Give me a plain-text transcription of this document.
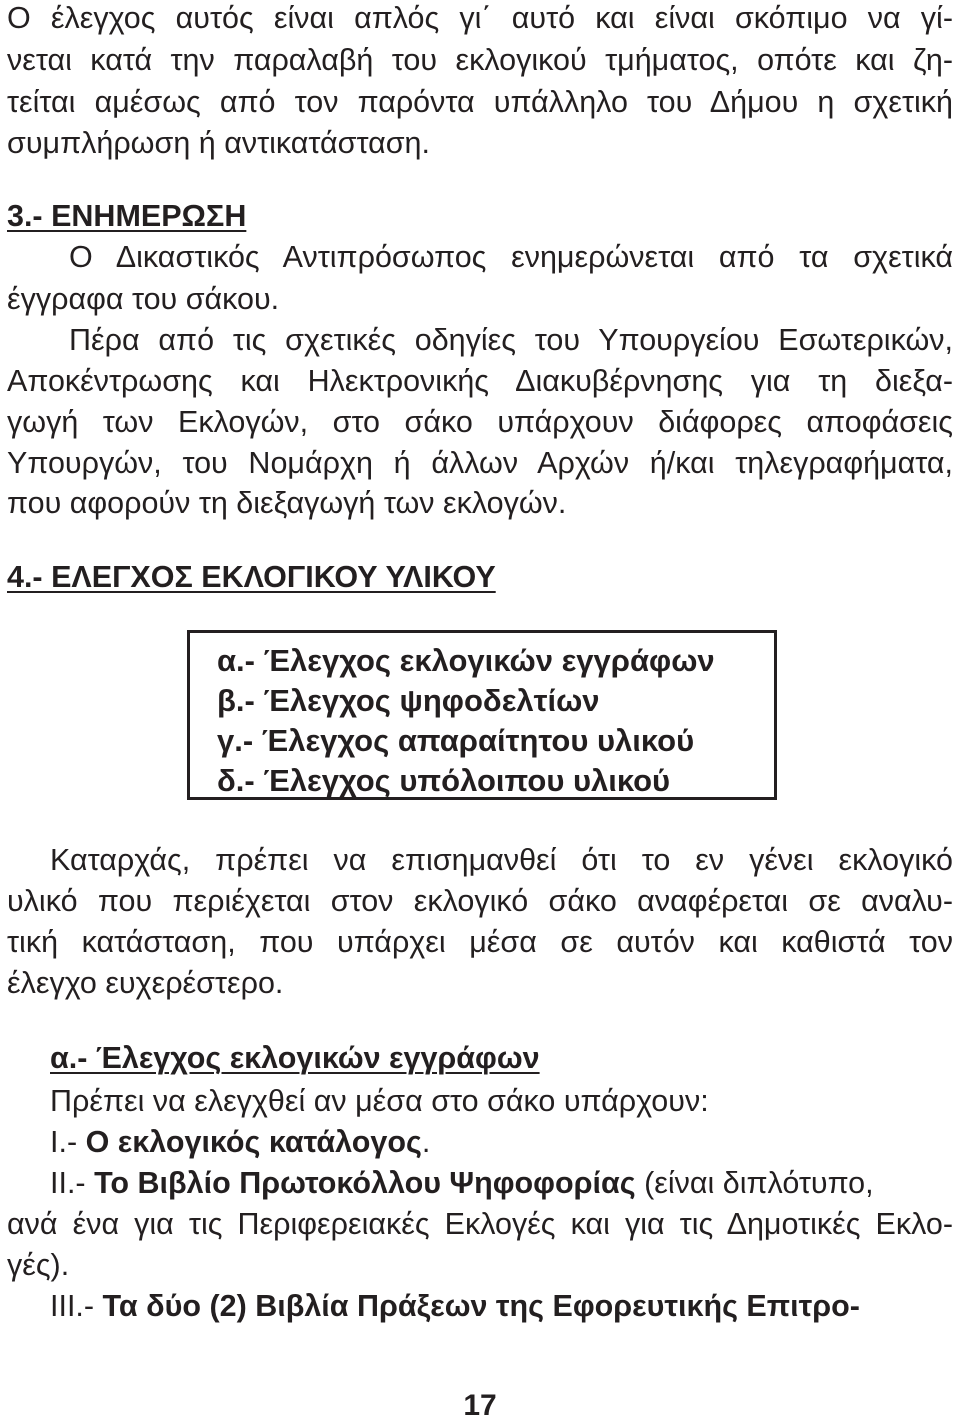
Ο έλεγχος αυτός είναι απλός γι΄ αυτό και είναι σκόπιμο να γί-

νεται κατά την παραλαβή του εκλογικού τμήματος, οπότε και ζη-

τείται αμέσως από τον παρόντα υπάλληλο του Δήμου η σχετική

συμπλήρωση ή αντικατάσταση.

3.- ΕΝΗΜΕΡΩΣΗ

Ο Δικαστικός Αντιπρόσωπος ενημερώνεται από τα σχετικά

έγγραφα του σάκου.

Πέρα από τις σχετικές οδηγίες του Υπουργείου Εσωτερικών,

Αποκέντρωσης και Ηλεκτρονικής Διακυβέρνησης για τη διεξα-

γωγή των Εκλογών, στο σάκο υπάρχουν διάφορες αποφάσεις

Υπουργών, του Νομάρχη ή άλλων Αρχών ή/και τηλεγραφήματα,

που αφορούν τη διεξαγωγή των εκλογών.

4.- ΕΛΕΓΧΟΣ ΕΚΛΟΓΙΚΟΥ ΥΛΙΚΟΥ

α.- Έλεγχος εκλογικών εγγράφων
β.- Έλεγχος ψηφοδελτίων
γ.- Έλεγχος απαραίτητου υλικού
δ.- Έλεγχος υπόλοιπου υλικού

Καταρχάς, πρέπει να επισημανθεί ότι το εν γένει εκλογικό

υλικό που περιέχεται στον εκλογικό σάκο αναφέρεται σε αναλυ-

τική κατάσταση, που υπάρχει μέσα σε αυτόν και καθιστά τον

έλεγχο ευχερέστερο.

α.- Έλεγχος εκλογικών εγγράφων

Πρέπει να ελεγχθεί αν μέσα στο σάκο υπάρχουν:

I.- Ο εκλογικός κατάλογος.

II.- Το Βιβλίο Πρωτοκόλλου Ψηφοφορίας (είναι διπλότυπο,

ανά ένα για τις Περιφερειακές Εκλογές και για τις Δημοτικές Εκλο-

γές).

III.- Τα δύο (2) Βιβλία Πράξεων της Εφορευτικής Επιτρο-

17
